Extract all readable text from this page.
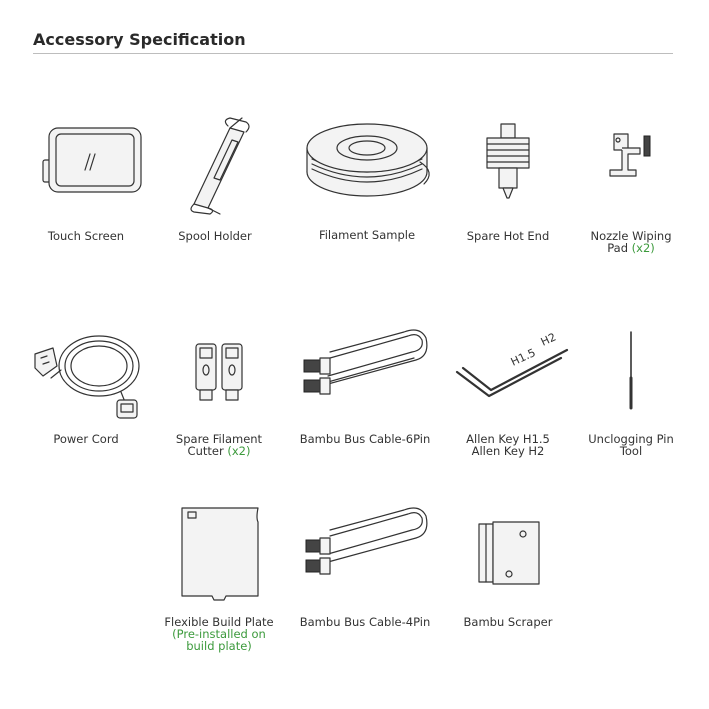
Accessory Specification
Touch Screen	Spool Holder	Filament Sample	Spare Hot End	Nozzle Wiping
Pad (x2)
Power Cord	Spare Filament
Cutter (x2)
Bambu Bus Cable-6Pin
H1.5
H2
Allen Key H1.5
Allen Key H2
Unclogging Pin
Tool
Flexible Build Plate
(Pre-installed on
build plate)
Bambu Bus Cable-4Pin	Bambu Scraper
